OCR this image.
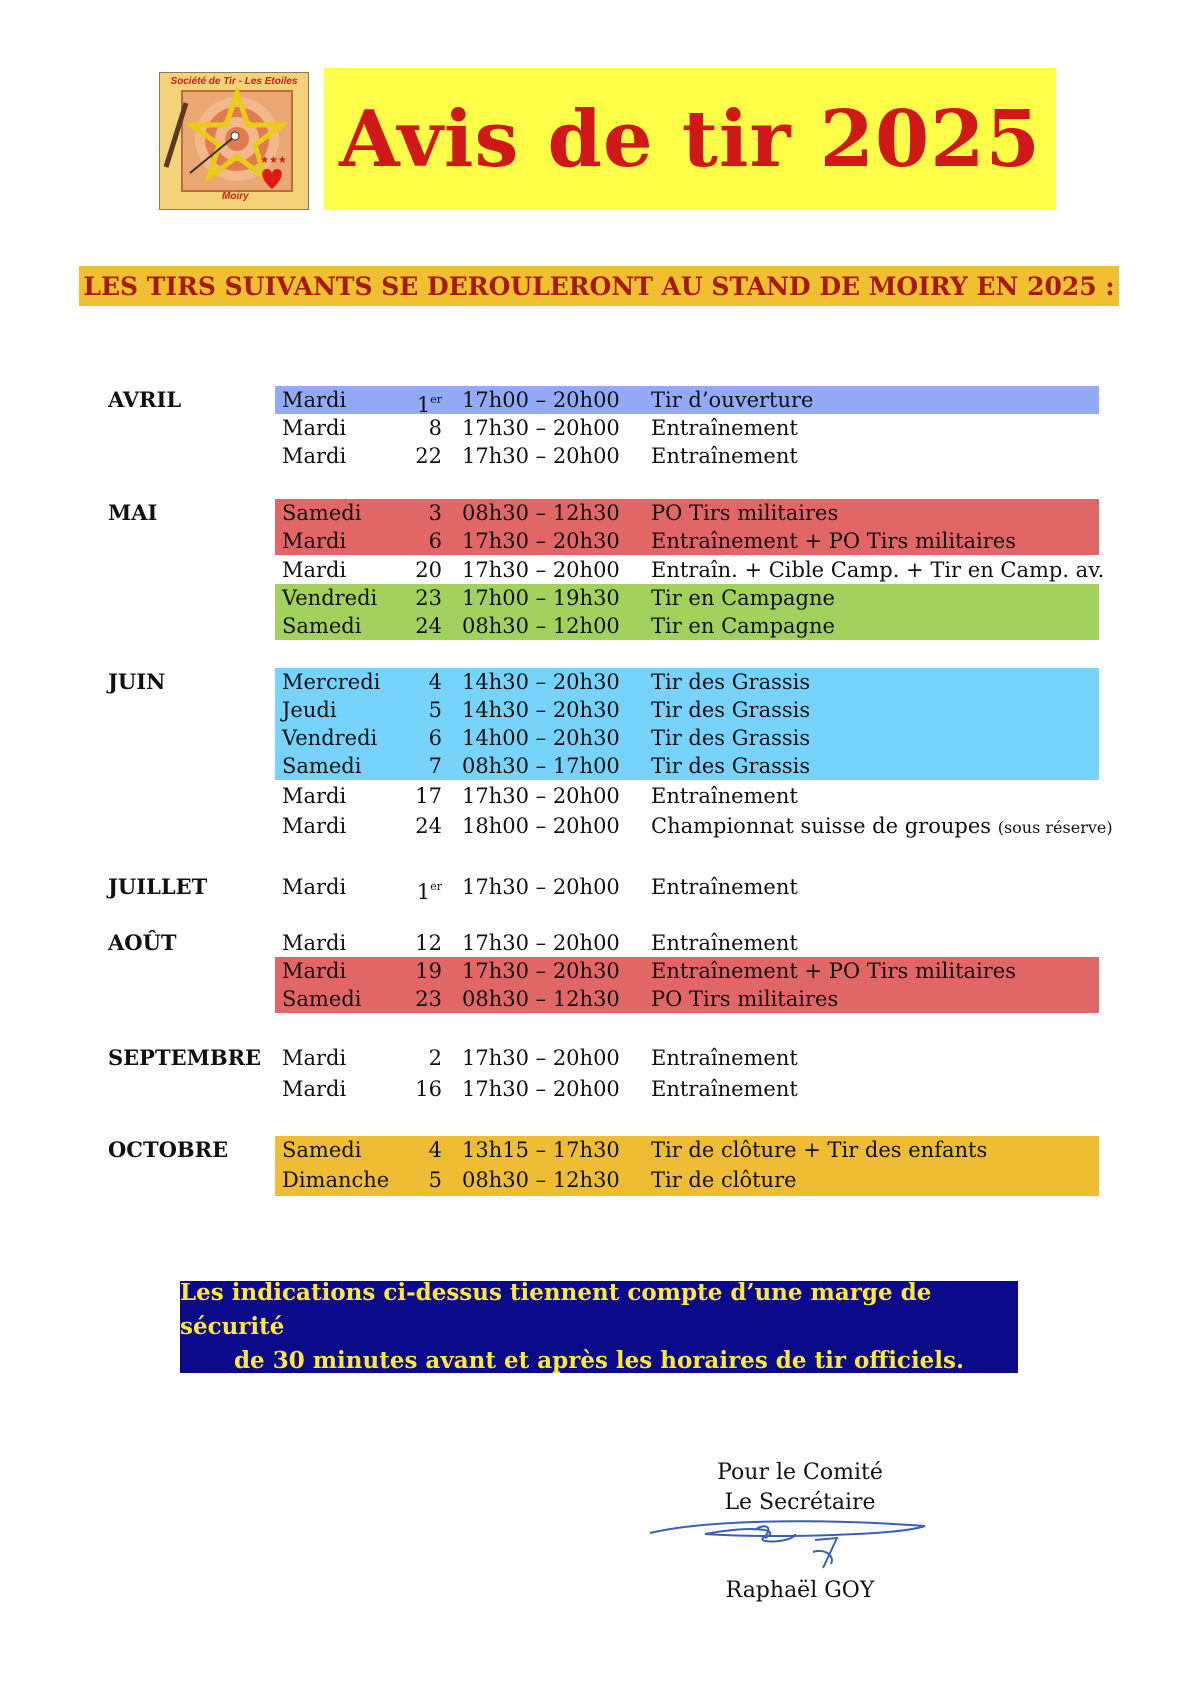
Société de Tir - Les Etoiles
★★★
Moiry
Avis de tir 2025
LES TIRS SUIVANTS SE DEROULERONT AU STAND DE MOIRY EN 2025 :
AVRIL	Mardi	1er 17h00 – 20h00 Tir d’ouverture
Mardi	8 17h30 – 20h00 Entraînement
Mardi	22 17h30 – 20h00 Entraînement
MAI	Samedi	3 08h30 – 12h30 PO Tirs militaires
Mardi	6 17h30 – 20h30 Entraînement + PO Tirs militaires
Mardi	20 17h30 – 20h00 Entraîn. + Cible Camp. + Tir en Camp. av.
Vendredi	23 17h00 – 19h30 Tir en Campagne
Samedi	24 08h30 – 12h00 Tir en Campagne
JUIN	Mercredi	4 14h30 – 20h30 Tir des Grassis
Jeudi	5 14h30 – 20h30 Tir des Grassis
Vendredi	6 14h00 – 20h30 Tir des Grassis
Samedi	7 08h30 – 17h00 Tir des Grassis
Mardi	17 17h30 – 20h00 Entraînement
Mardi	24 18h00 – 20h00 Championnat suisse de groupes (sous réserve)
JUILLET	Mardi	1er 17h30 – 20h00 Entraînement
AOÛT	Mardi	12 17h30 – 20h00 Entraînement
Mardi	19 17h30 – 20h30 Entraînement + PO Tirs militaires
Samedi	23 08h30 – 12h30 PO Tirs militaires
SEPTEMBRE Mardi	2 17h30 – 20h00 Entraînement
Mardi	16 17h30 – 20h00 Entraînement
OCTOBRE	Samedi	4 13h15 – 17h30 Tir de clôture + Tir des enfants
Dimanche	5 08h30 – 12h30 Tir de clôture
Les indications ci-dessus tiennent compte d’une marge de sécurité
de 30 minutes avant et après les horaires de tir officiels.
Pour le Comité
Le Secrétaire
Raphaël GOY
